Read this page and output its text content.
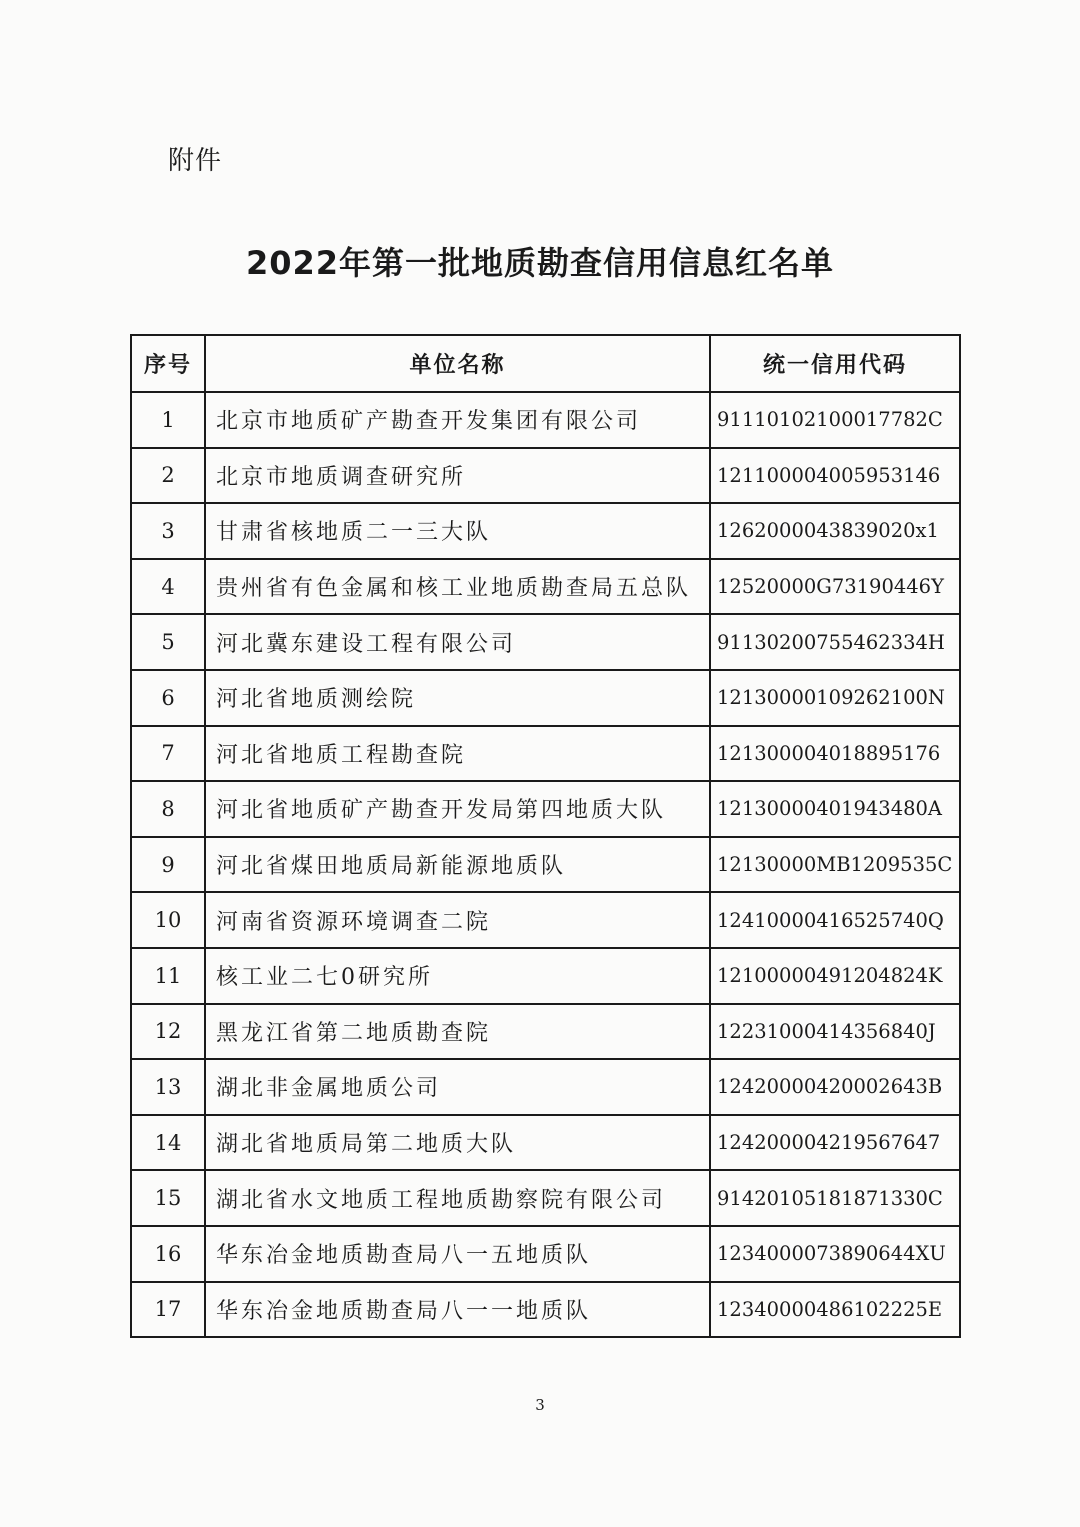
附件
2022年第一批地质勘查信用信息红名单
序号	单位名称	统一信用代码
1	北京市地质矿产勘查开发集团有限公司	91110102100017782C
2	北京市地质调查研究所	121100004005953146
3	甘肃省核地质二一三大队	1262000043839020x1
4	贵州省有色金属和核工业地质勘查局五总队	12520000G73190446Y
5	河北冀东建设工程有限公司	91130200755462334H
6	河北省地质测绘院	12130000109262100N
7	河北省地质工程勘查院	121300004018895176
8	河北省地质矿产勘查开发局第四地质大队	12130000401943480A
9	河北省煤田地质局新能源地质队	12130000MB1209535C
10	河南省资源环境调查二院	12410000416525740Q
11	核工业二七0研究所	12100000491204824K
12	黑龙江省第二地质勘查院	12231000414356840J
13	湖北非金属地质公司	12420000420002643B
14	湖北省地质局第二地质大队	124200004219567647
15	湖北省水文地质工程地质勘察院有限公司	91420105181871330C
16	华东冶金地质勘查局八一五地质队	1234000073890644XU
17	华东冶金地质勘查局八一一地质队	12340000486102225E
3
